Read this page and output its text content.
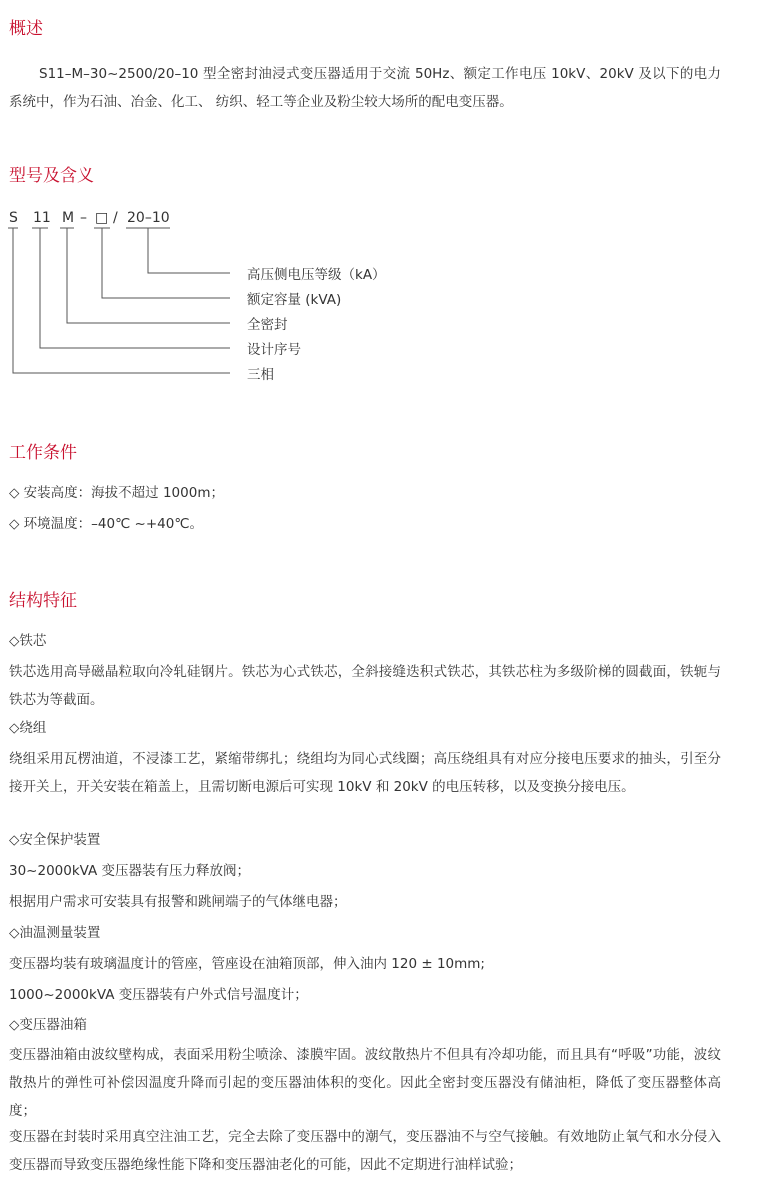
概述

S11–M–30~2500/20–10 型全密封油浸式变压器适用于交流 50Hz、额定工作电压 10kV、20kV 及以下的电力系统中，作为石油、冶金、化工、 纺织、轻工等企业及粉尘较大场所的配电变压器。

型号及含义
S 11 M – □ / 20–10
高压侧电压等级（kA）
额定容量 (kVA)
全密封
设计序号
三相
工作条件
◇ 安装高度：海拔不超过 1000m；
◇ 环境温度：–40℃ ~+40℃。
结构特征
◇铁芯

铁芯选用高导磁晶粒取向冷轧硅钢片。铁芯为心式铁芯，全斜接缝迭积式铁芯，其铁芯柱为多级阶梯的圆截面，铁轭与铁芯为等截面。

◇绕组

绕组采用瓦楞油道，不浸漆工艺，紧缩带绑扎；绕组均为同心式线圈；高压绕组具有对应分接电压要求的抽头，引至分接开关上，开关安装在箱盖上，且需切断电源后可实现 10kV 和 20kV 的电压转移，以及变换分接电压。

◇安全保护装置
30~2000kVA 变压器装有压力释放阀；
根据用户需求可安装具有报警和跳闸端子的气体继电器；
◇油温测量装置
变压器均装有玻璃温度计的管座，管座设在油箱顶部，伸入油内 120 ± 10mm;
1000~2000kVA 变压器装有户外式信号温度计；
◇变压器油箱

变压器油箱由波纹壁构成，表面采用粉尘喷涂、漆膜牢固。波纹散热片不但具有冷却功能，而且具有“呼吸”功能，波纹散热片的弹性可补偿因温度升降而引起的变压器油体积的变化。因此全密封变压器没有储油柜，降低了变压器整体高度；

变压器在封装时采用真空注油工艺，完全去除了变压器中的潮气，变压器油不与空气接触。有效地防止氧气和水分侵入变压器而导致变压器绝缘性能下降和变压器油老化的可能，因此不定期进行油样试验；
